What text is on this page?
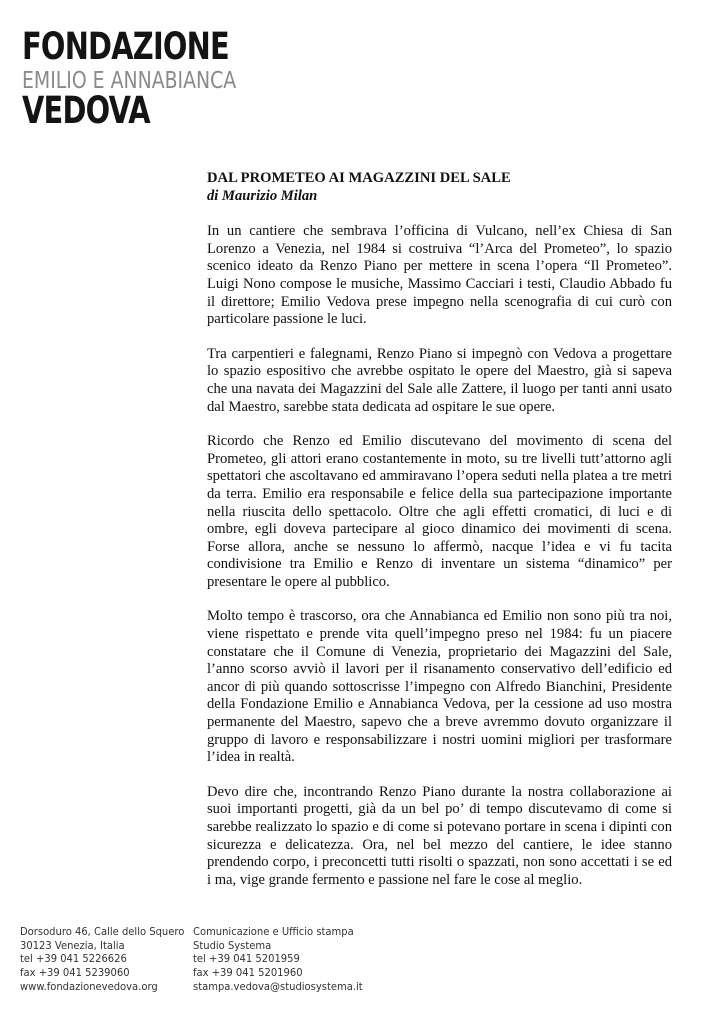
FONDAZIONE
EMILIO E ANNABIANCA
VEDOVA

DAL PROMETEO AI MAGAZZINI DEL SALE

di Maurizio Milan

In un cantiere che sembrava l’officina di Vulcano, nell’ex Chiesa di San Lorenzo a Venezia, nel 1984 si costruiva “l’Arca del Prometeo”, lo spazio scenico ideato da Renzo Piano per mettere in scena l’opera “Il Prometeo”. Luigi Nono compose le musiche, Massimo Cacciari i testi, Claudio Abbado fu il direttore; Emilio Vedova prese impegno nella scenografia di cui curò con particolare passione le luci.

Tra carpentieri e falegnami, Renzo Piano si impegnò con Vedova a progettare lo spazio espositivo che avrebbe ospitato le opere del Maestro, già si sapeva che una navata dei Magazzini del Sale alle Zattere, il luogo per tanti anni usato dal Maestro, sarebbe stata dedicata ad ospitare le sue opere.

Ricordo che Renzo ed Emilio discutevano del movimento di scena del Prometeo, gli attori erano costantemente in moto, su tre livelli tutt’attorno agli spettatori che ascoltavano ed ammiravano l’opera seduti nella platea a tre metri da terra. Emilio era responsabile e felice della sua partecipazione importante nella riuscita dello spettacolo. Oltre che agli effetti cromatici, di luci e di ombre, egli doveva partecipare al gioco dinamico dei movimenti di scena. Forse allora, anche se nessuno lo affermò, nacque l’idea e vi fu tacita condivisione tra Emilio e Renzo di inventare un sistema “dinamico” per presentare le opere al pubblico.

Molto tempo è trascorso, ora che Annabianca ed Emilio non sono più tra noi, viene rispettato e prende vita quell’impegno preso nel 1984: fu un piacere constatare che il Comune di Venezia, proprietario dei Magazzini del Sale, l’anno scorso avviò il lavori per il risanamento conservativo dell’edificio ed ancor di più quando sottoscrisse l’impegno con Alfredo Bianchini, Presidente della Fondazione Emilio e Annabianca Vedova, per la cessione ad uso mostra permanente del Maestro, sapevo che a breve avremmo dovuto organizzare il gruppo di lavoro e responsabilizzare i nostri uomini migliori per trasformare l’idea in realtà.

Devo dire che, incontrando Renzo Piano durante la nostra collaborazione ai suoi importanti progetti, già da un bel po’ di tempo discutevamo di come si sarebbe realizzato lo spazio e di come si potevano portare in scena i dipinti con sicurezza e delicatezza. Ora, nel bel mezzo del cantiere, le idee stanno prendendo corpo, i preconcetti tutti risolti o spazzati, non sono accettati i se ed i ma, vige grande fermento e passione nel fare le cose al meglio.

Dorsoduro 46, Calle dello Squero
30123 Venezia, Italia
tel +39 041 5226626
fax +39 041 5239060
www.fondazionevedova.org
Comunicazione e Ufficio stampa
Studio Systema
tel +39 041 5201959
fax +39 041 5201960
stampa.vedova@studiosystema.it
